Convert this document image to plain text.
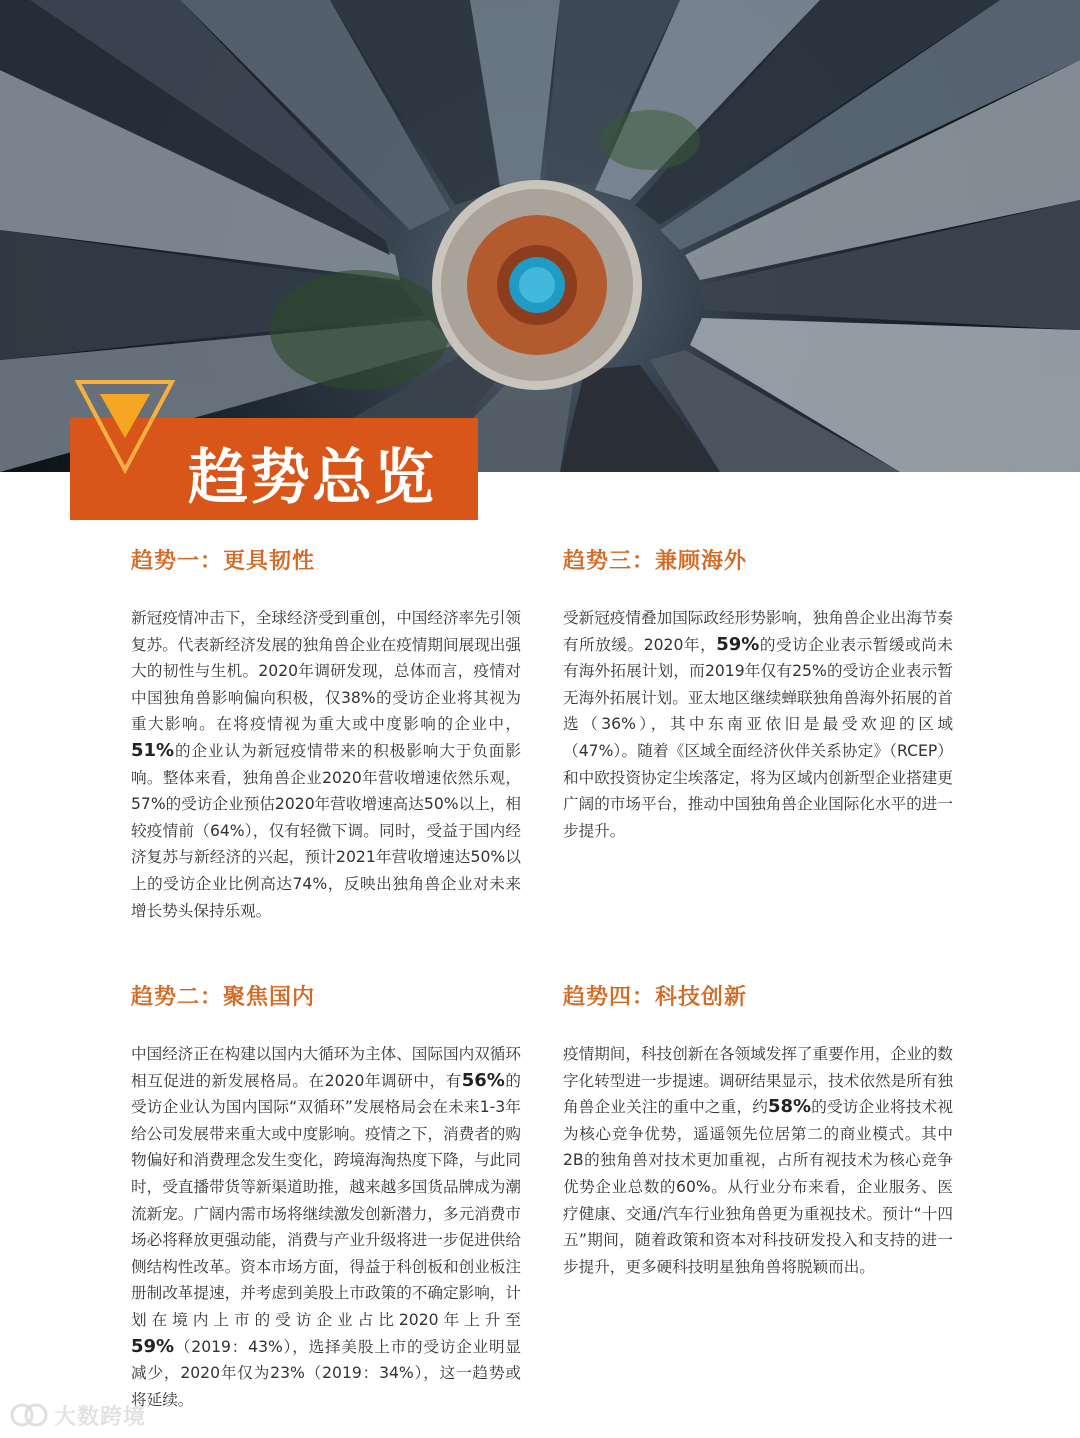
趋势总览
趋势一：更具韧性

新冠疫情冲击下，全球经济受到重创，中国经济率先引领复苏。代表新经济发展的独角兽企业在疫情期间展现出强大的韧性与生机。2020年调研发现，总体而言，疫情对中国独角兽影响偏向积极，仅38%的受访企业将其视为重大影响。在将疫情视为重大或中度影响的企业中，51%的企业认为新冠疫情带来的积极影响大于负面影响。整体来看，独角兽企业2020年营收增速依然乐观，57%的受访企业预估2020年营收增速高达50%以上，相较疫情前（64%），仅有轻微下调。同时，受益于国内经济复苏与新经济的兴起，预计2021年营收增速达50%以上的受访企业比例高达74%，反映出独角兽企业对未来增长势头保持乐观。

趋势三：兼顾海外

受新冠疫情叠加国际政经形势影响，独角兽企业出海节奏有所放缓。2020年，59%的受访企业表示暂缓或尚未有海外拓展计划，而2019年仅有25%的受访企业表示暂无海外拓展计划。亚太地区继续蝉联独角兽海外拓展的首选（36%），其中东南亚依旧是最受欢迎的区域（47%）。随着《区域全面经济伙伴关系协定》（RCEP）和中欧投资协定尘埃落定，将为区域内创新型企业搭建更广阔的市场平台，推动中国独角兽企业国际化水平的进一步提升。

趋势二：聚焦国内

中国经济正在构建以国内大循环为主体、国际国内双循环相互促进的新发展格局。在2020年调研中，有56%的受访企业认为国内国际“双循环”发展格局会在未来1-3年给公司发展带来重大或中度影响。疫情之下，消费者的购物偏好和消费理念发生变化，跨境海淘热度下降，与此同时，受直播带货等新渠道助推，越来越多国货品牌成为潮流新宠。广阔内需市场将继续激发创新潜力，多元消费市场必将释放更强动能，消费与产业升级将进一步促进供给侧结构性改革。资本市场方面，得益于科创板和创业板注册制改革提速，并考虑到美股上市政策的不确定影响，计划在境内上市的受访企业占比2020年上升至59%（2019：43%），选择美股上市的受访企业明显减少，2020年仅为23%（2019：34%），这一趋势或将延续。

趋势四：科技创新

疫情期间，科技创新在各领域发挥了重要作用，企业的数字化转型进一步提速。调研结果显示，技术依然是所有独角兽企业关注的重中之重，约58%的受访企业将技术视为核心竞争优势，遥遥领先位居第二的商业模式。其中2B的独角兽对技术更加重视，占所有视技术为核心竞争优势企业总数的60%。从行业分布来看，企业服务、医疗健康、交通/汽车行业独角兽更为重视技术。预计“十四五”期间，随着政策和资本对科技研发投入和支持的进一步提升，更多硬科技明星独角兽将脱颖而出。

大数跨境
